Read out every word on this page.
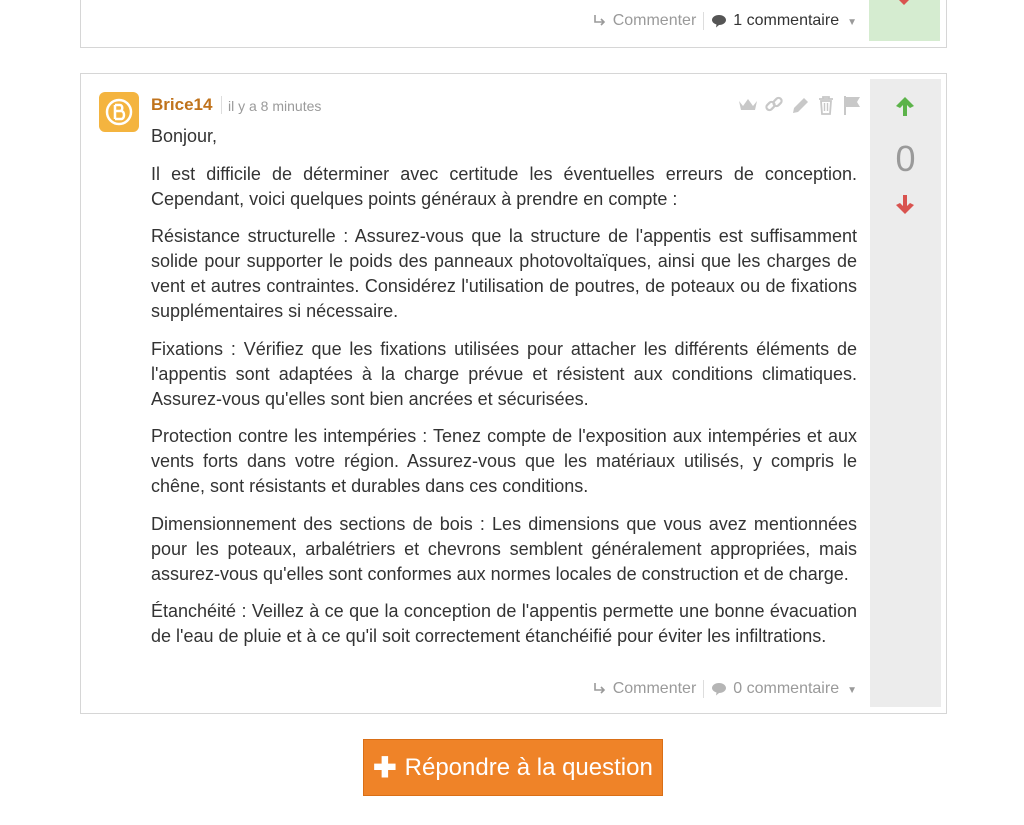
Commenter	1 commentaire ▼
Brice14 il y a 8 minutes

Bonjour,

Il est difficile de déterminer avec certitude les éventuelles erreurs de conception. Cependant, voici quelques points généraux à prendre en compte :

Résistance structurelle : Assurez-vous que la structure de l'appentis est suffisamment solide pour supporter le poids des panneaux photovoltaïques, ainsi que les charges de vent et autres contraintes. Considérez l'utilisation de poutres, de poteaux ou de fixations supplémentaires si nécessaire.

Fixations : Vérifiez que les fixations utilisées pour attacher les différents éléments de l'appentis sont adaptées à la charge prévue et résistent aux conditions climatiques. Assurez-vous qu'elles sont bien ancrées et sécurisées.

Protection contre les intempéries : Tenez compte de l'exposition aux intempéries et aux vents forts dans votre région. Assurez-vous que les matériaux utilisés, y compris le chêne, sont résistants et durables dans ces conditions.

Dimensionnement des sections de bois : Les dimensions que vous avez mentionnées pour les poteaux, arbalétriers et chevrons semblent généralement appropriées, mais assurez-vous qu'elles sont conformes aux normes locales de construction et de charge.

Étanchéité : Veillez à ce que la conception de l'appentis permette une bonne évacuation de l'eau de pluie et à ce qu'il soit correctement étanchéifié pour éviter les infiltrations.

Commenter	0 commentaire ▼
0
✚ Répondre à la question
